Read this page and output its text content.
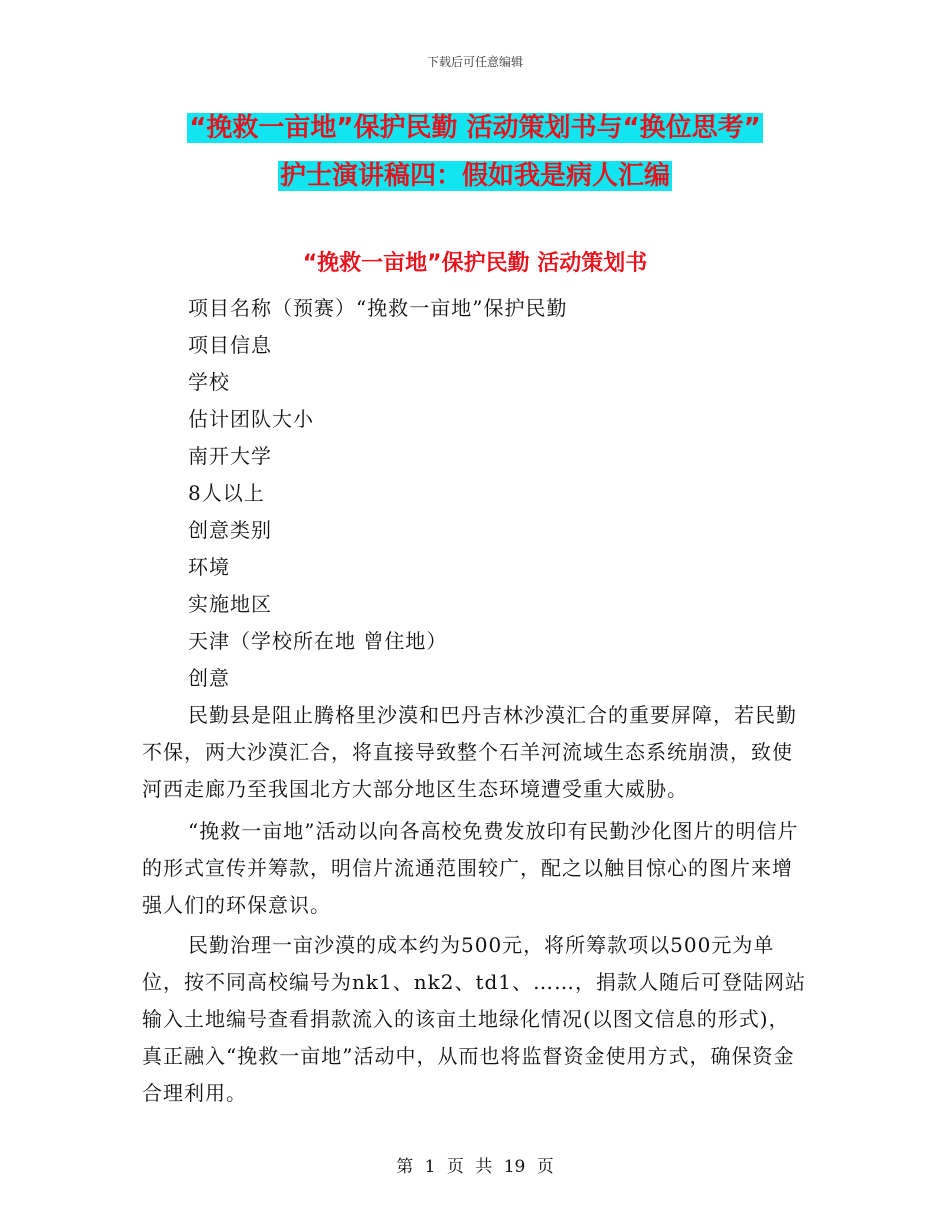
下载后可任意编辑
“挽救一亩地”保护民勤 活动策划书与“换位思考”
护士演讲稿四：假如我是病人汇编
“挽救一亩地”保护民勤 活动策划书
项目名称（预赛）“挽救一亩地”保护民勤
项目信息
学校
估计团队大小
南开大学
8人以上
创意类别
环境
实施地区
天津（学校所在地 曾住地）
创意

民勤县是阻止腾格里沙漠和巴丹吉林沙漠汇合的重要屏障，若民勤不保，两大沙漠汇合，将直接导致整个石羊河流域生态系统崩溃，致使河西走廊乃至我国北方大部分地区生态环境遭受重大威胁。

“挽救一亩地”活动以向各高校免费发放印有民勤沙化图片的明信片的形式宣传并筹款，明信片流通范围较广，配之以触目惊心的图片来增强人们的环保意识。

民勤治理一亩沙漠的成本约为500元，将所筹款项以500元为单位，按不同高校编号为nk1、nk2、td1、……，捐款人随后可登陆网站输入土地编号查看捐款流入的该亩土地绿化情况(以图文信息的形式)，真正融入“挽救一亩地”活动中，从而也将监督资金使用方式，确保资金合理利用。

第 1 页 共 19 页
